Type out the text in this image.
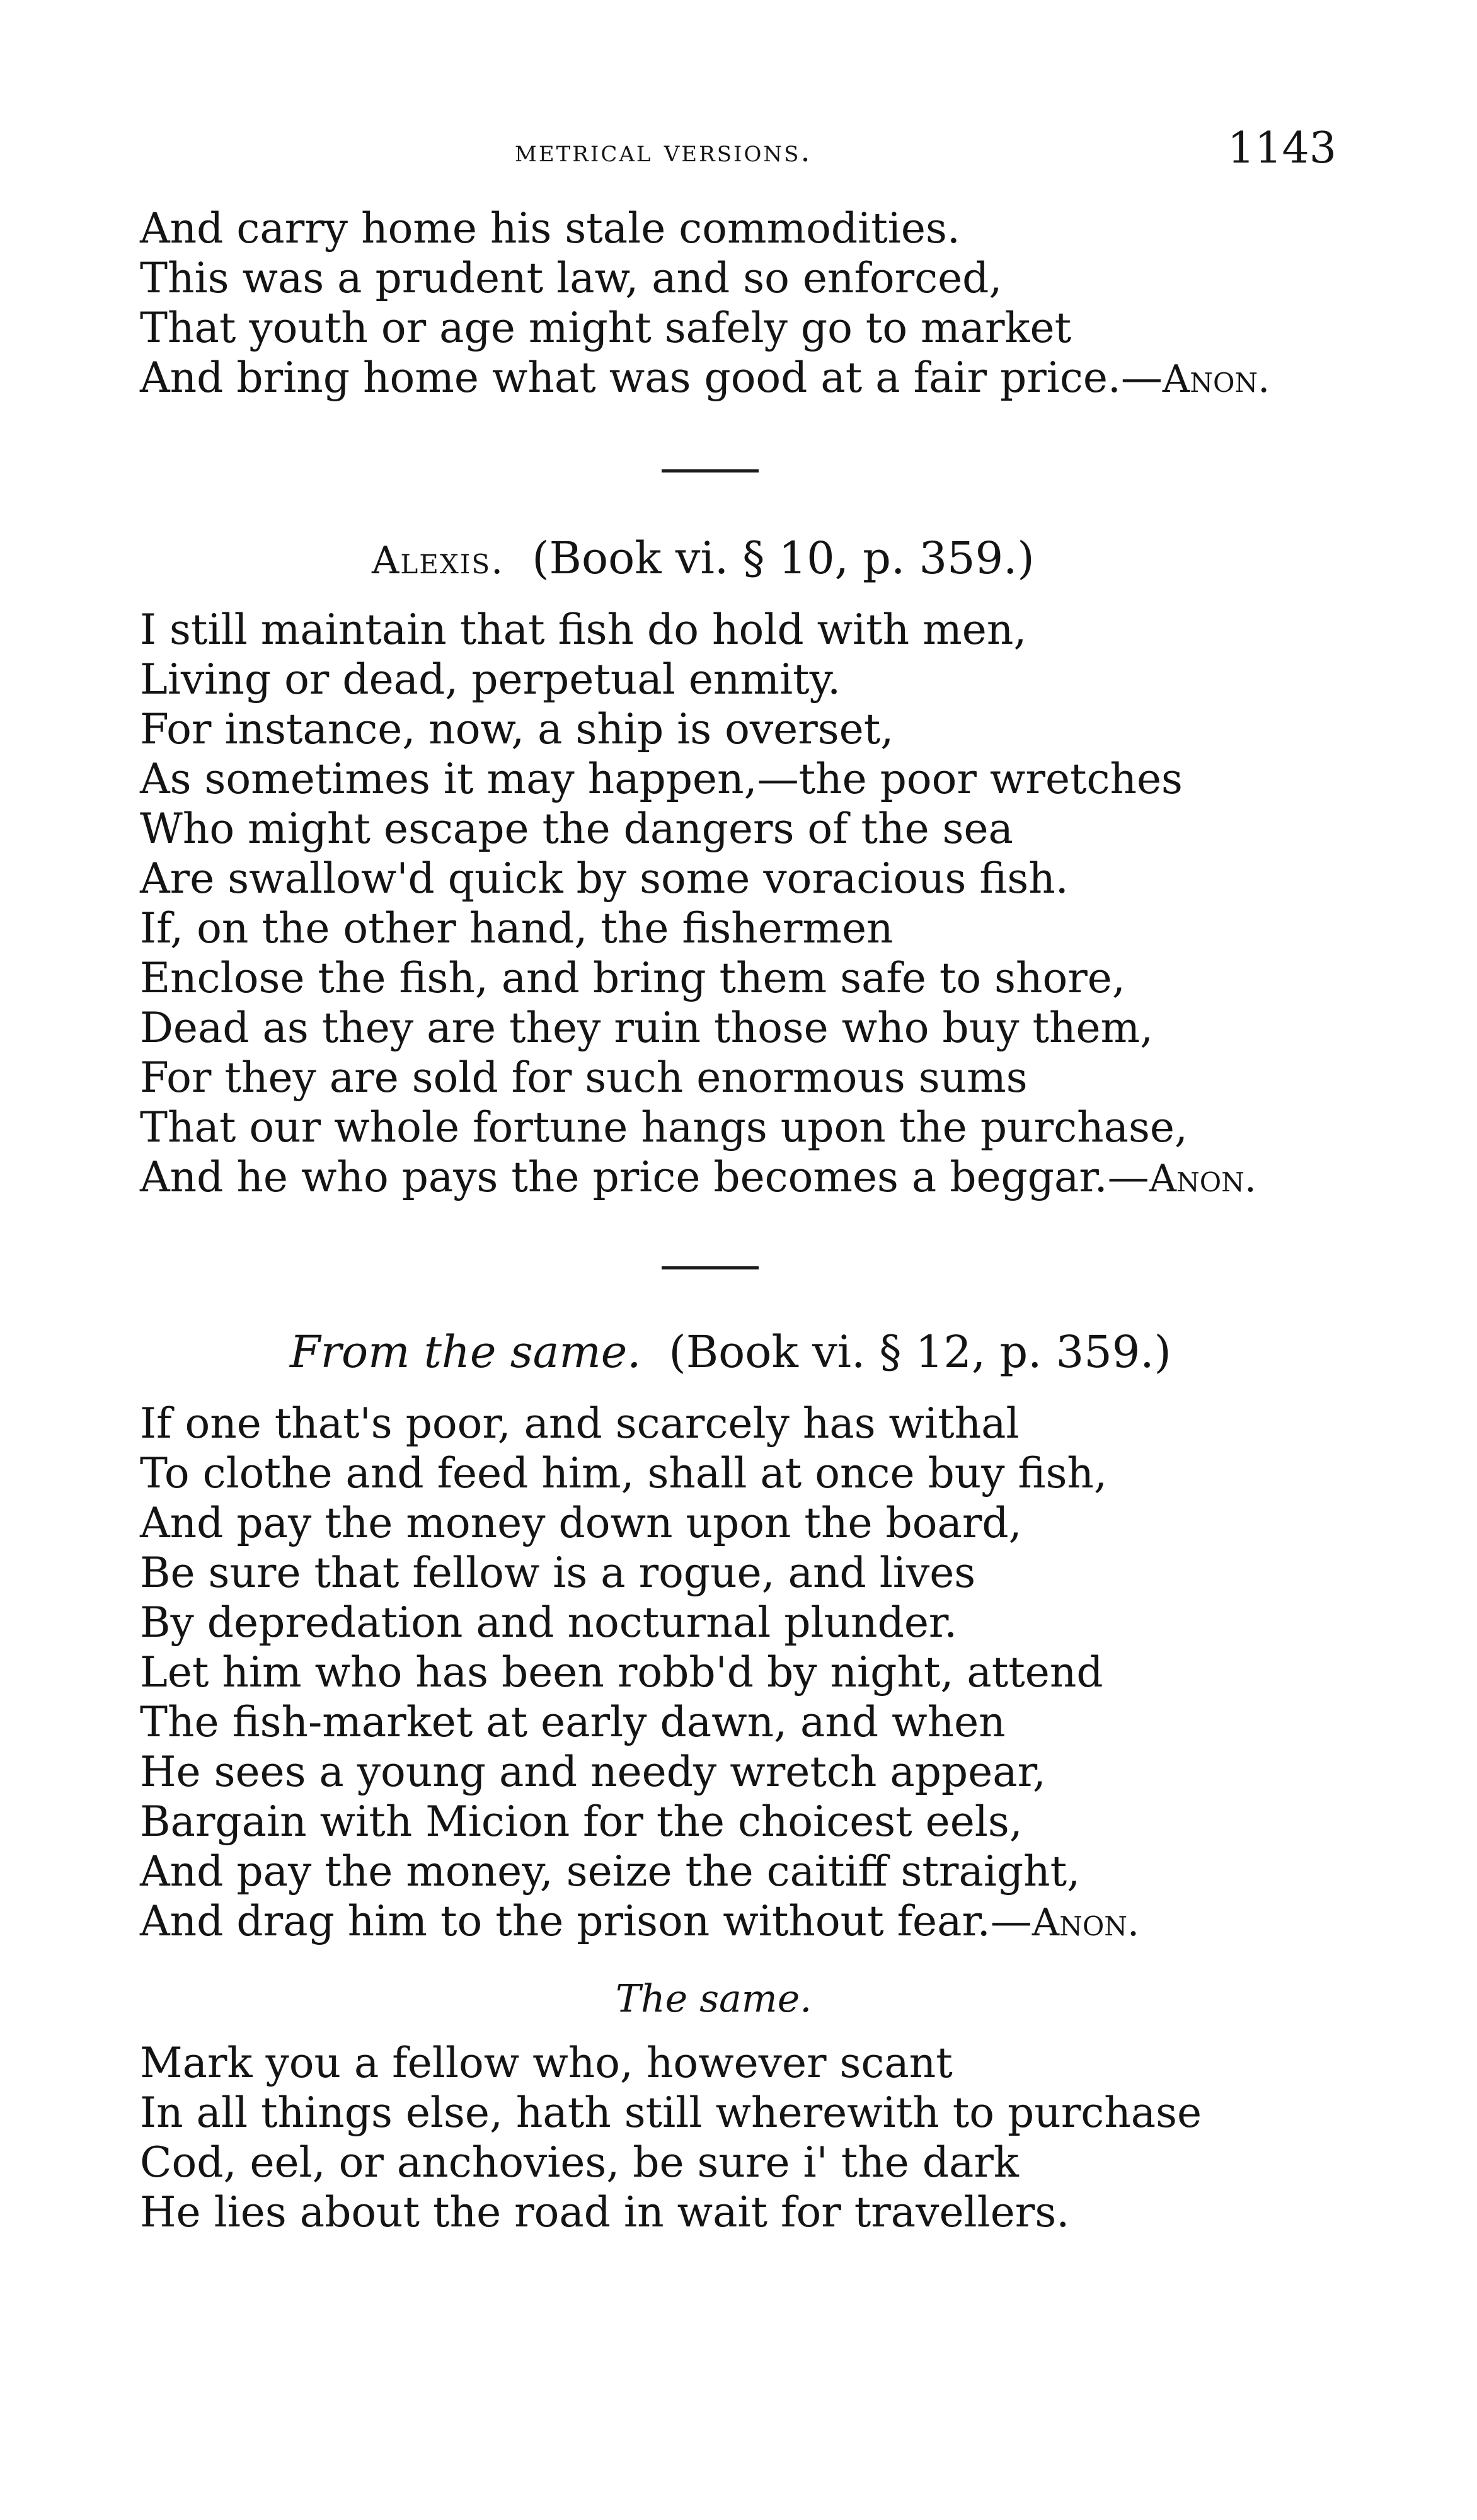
metrical versions.	1143
And carry home his stale commodities.
This was a prudent law, and so enforced,
That youth or age might safely go to market
And bring home what was good at a fair price.—Anon.
Alexis. (Book vi. § 10, p. 359.)
I still maintain that fish do hold with men,
Living or dead, perpetual enmity.
For instance, now, a ship is overset,
As sometimes it may happen,—the poor wretches
Who might escape the dangers of the sea
Are swallow'd quick by some voracious fish.
If, on the other hand, the fishermen
Enclose the fish, and bring them safe to shore,
Dead as they are they ruin those who buy them,
For they are sold for such enormous sums
That our whole fortune hangs upon the purchase,
And he who pays the price becomes a beggar.—Anon.
From the same. (Book vi. § 12, p. 359.)
If one that's poor, and scarcely has withal
To clothe and feed him, shall at once buy fish,
And pay the money down upon the board,
Be sure that fellow is a rogue, and lives
By depredation and nocturnal plunder.
Let him who has been robb'd by night, attend
The fish-market at early dawn, and when
He sees a young and needy wretch appear,
Bargain with Micion for the choicest eels,
And pay the money, seize the caitiff straight,
And drag him to the prison without fear.—Anon.
The same.
Mark you a fellow who, however scant
In all things else, hath still wherewith to purchase
Cod, eel, or anchovies, be sure i' the dark
He lies about the road in wait for travellers.
